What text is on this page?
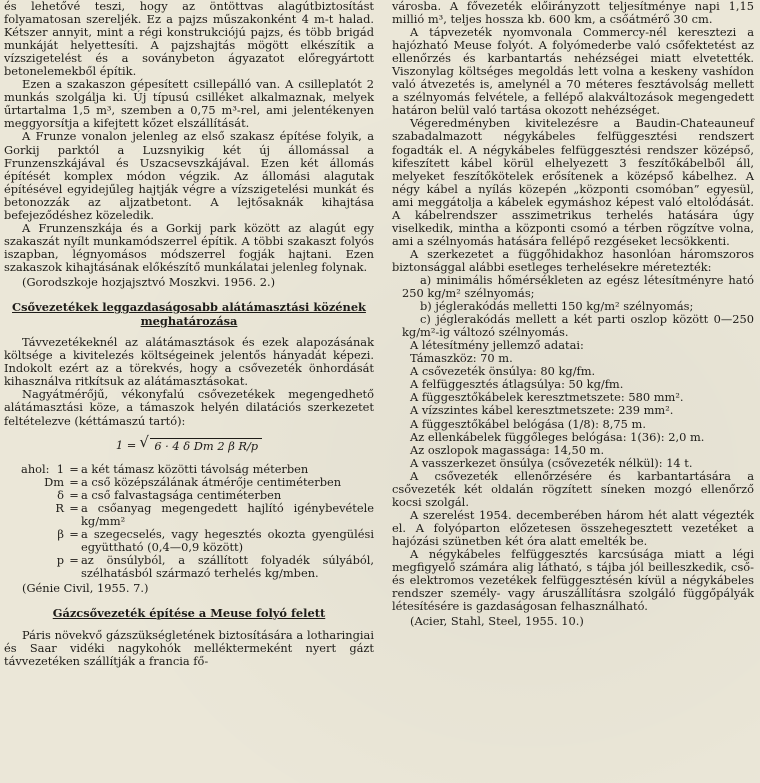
és lehetővé teszi, hogy az öntöttvas alagútbiztosítást folyamatosan szereljék. Ez a pajzs műszakonként 4 m-t halad. Kétszer annyit, mint a régi konstrukciójú pajzs, és több brigád munkáját helyettesíti. A pajzshajtás mögött elkészítik a vízszigetelést és a soványbeton ágyazatot előregyártott betonelemekből építik.

Ezen a szakaszon gépesített csillepálló van. A csilleplatót 2 munkás szolgálja ki. Új típusú csilléket alkalmaznak, melyek űrtartalma 1,5 m³, szemben a 0,75 m³-rel, ami jelentékenyen meggyorsítja a kifejtett kőzet elszállítását.

A Frunze vonalon jelenleg az első szakasz építése folyik, a Gorkij parktól a Luzsnyikig két új állomással a Frunzenszkájával és Uszacsevszkájával. Ezen két állomás építését komplex módon végzik. Az állomási alagutak építésével egyidejűleg hajtják végre a vízszigetelési munkát és betonozzák az aljzatbetont. A lejtősaknák kihajtása befejeződéshez közeledik.

A Frunzenszkája és a Gorkij park között az alagút egy szakaszát nyílt munkamódszerrel építik. A többi szakaszt folyós iszapban, légnyomásos módszerrel fogják hajtani. Ezen szakaszok kihajtásának előkészítő munkálatai jelenleg folynak.

(Gorodszkoje hozjajsztvó Moszkvi. 1956. 2.)

Csővezetékek leggazdaságosabb alátámasztási közének meghatározása

Távvezetékeknél az alátámasztások és ezek alapozásának költsége a kivitelezés költségeinek jelentős hányadát képezi. Indokolt ezért az a törekvés, hogy a csővezeték önhordását kihasználva ritkítsuk az alátámasztásokat.

Nagyátmérőjű, vékonyfalú csővezetékek megengedhető alátámasztási köze, a támaszok helyén dilatációs szerkezetet feltételezve (kéttámaszú tartó):

1 =	√ 6 · 4 δ Dm 2 β R/p
ahol: 1	=	a két támasz közötti távolság méterben
Dm	=	a cső középszálának átmérője centiméterben
δ	=	a cső falvastagsága centiméterben
R	=	a csőanyag megengedett hajlító igénybevétele kg/mm²
β	=	a szegecselés, vagy hegesztés okozta gyengülési együttható (0,4—0,9 között)
p	=	az önsúlyból, a szállított folyadék súlyából, szélhatásból származó terhelés kg/mben.

(Génie Civil, 1955. 7.)

Gázcsővezeték építése a Meuse folyó felett

Páris növekvő gázszükségletének biztosítására a lotharingiai és Saar vidéki nagykohók melléktermeként nyert gázt távvezetéken szállítják a francia fő-

városba. A fővezeték előirányzott teljesítménye napi 1,15 millió m³, teljes hossza kb. 600 km, a csőátmérő 30 cm.

A tápvezeték nyomvonala Commercy-nél keresztezi a hajózható Meuse folyót. A folyómederbe való csőfektetést az ellenőrzés és karbantartás nehézségei miatt elvetették. Viszonylag költséges megoldás lett volna a keskeny vashídon való átvezetés is, amelynél a 70 méteres fesztávolság mellett a szélnyomás felvétele, a fellépő alakváltozások megengedett határon belül való tartása okozott nehézséget.

Végeredményben kivitelezésre a Baudin-Chateauneuf szabadalmazott négykábeles felfüggesztési rendszert fogadták el. A négykábeles felfüggesztési rendszer középső, kifeszített kábel körül elhelyezett 3 feszítőkábelből áll, melyeket feszítőkötelek erősítenek a középső kábelhez. A négy kábel a nyílás közepén „központi csomóban” egyesül, ami meggátolja a kábelek egymáshoz képest való eltolódását. A kábelrendszer asszimetrikus terhelés hatására úgy viselkedik, mintha a központi csomó a térben rögzítve volna, ami a szélnyomás hatására fellépő rezgéseket lecsökkenti.

A szerkezetet a függőhidakhoz hasonlóan háromszoros biztonsággal alábbi esetleges terhelésekre méretezték:

a) minimális hőmérsékleten az egész létesítményre ható 250 kg/m² szélnyomás;

b) jéglerakódás melletti 150 kg/m² szélnyomás;

c) jéglerakódás mellett a két parti oszlop között 0—250 kg/m²-ig változó szélnyomás.

A létesítmény jellemző adatai:

Támaszköz: 70 m.

A csővezeték önsúlya: 80 kg/fm.

A felfüggesztés átlagsúlya: 50 kg/fm.

A függesztőkábelek keresztmetszete: 580 mm².

A vízszintes kábel keresztmetszete: 239 mm².

A függesztőkábel belógása (1/8): 8,75 m.

Az ellenkábelek függőleges belógása: 1(36): 2,0 m.

Az oszlopok magassága: 14,50 m.

A vasszerkezet önsúlya (csővezeték nélkül): 14 t.

A csővezeték ellenőrzésére és karbantartására a csővezeték két oldalán rögzített síneken mozgó ellenőrző kocsi szolgál.

A szerelést 1954. decemberében három hét alatt végezték el. A folyóparton előzetesen összehegesztett vezetéket a hajózási szünetben két óra alatt emelték be.

A négykábeles felfüggesztés karcsúsága miatt a légi megfigyelő számára alig látható, s tájba jól beilleszkedik, cső- és elektromos vezetékek felfüggesztésén kívül a négykábeles rendszer személy- vagy áruszállításra szolgáló függőpályák létesítésére is gazdaságosan felhasználható.

(Acier, Stahl, Steel, 1955. 10.)
